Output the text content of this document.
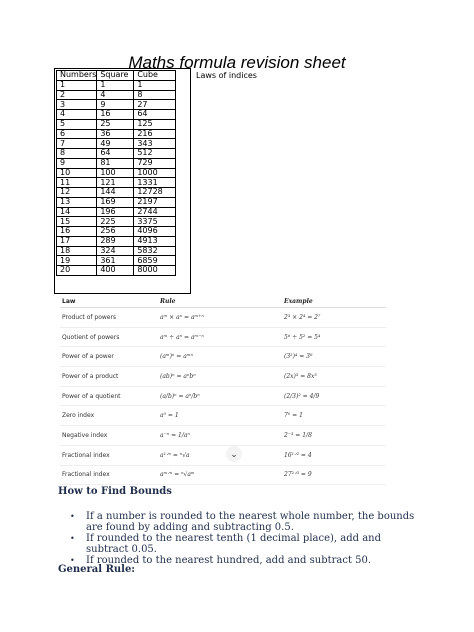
Maths formula revision sheet
Numbers	Square	Cube
1	1	1
2	4	8
3	9	27
4	16	64
5	25	125
6	36	216
7	49	343
8	64	512
9	81	729
10	100	1000
11	121	1331
12	144	12728
13	169	2197
14	196	2744
15	225	3375
16	256	4096
17	289	4913
18	324	5832
19	361	6859
20	400	8000
Laws of indices
Law	Rule	Example
Product of powers	aᵐ × aⁿ = aᵐ⁺ⁿ	2³ × 2⁴ = 2⁷
Quotient of powers	aᵐ ÷ aⁿ = aᵐ⁻ⁿ	5⁶ ÷ 5² = 5⁴
Power of a power	(aᵐ)ⁿ = aᵐⁿ	(3²)⁴ = 3⁸
Power of a product	(ab)ⁿ = aⁿbⁿ	(2x)³ = 8x³
Power of a quotient	(a/b)ⁿ = aⁿ/bⁿ	(2/3)² = 4/9
Zero index	a⁰ = 1	7⁰ = 1
Negative index	a⁻ⁿ = 1/aⁿ	2⁻³ = 1/8
Fractional index	a¹ᐟⁿ = ⁿ√a	16¹ᐟ² = 4
Fractional index	aᵐᐟⁿ = ⁿ√aᵐ	27²ᐟ³ = 9
⌄
How to Find Bounds
• If a number is rounded to the nearest whole number, the bounds are found by adding and subtracting 0.5.
• If rounded to the nearest tenth (1 decimal place), add and subtract 0.05.
• If rounded to the nearest hundred, add and subtract 50.
General Rule:
